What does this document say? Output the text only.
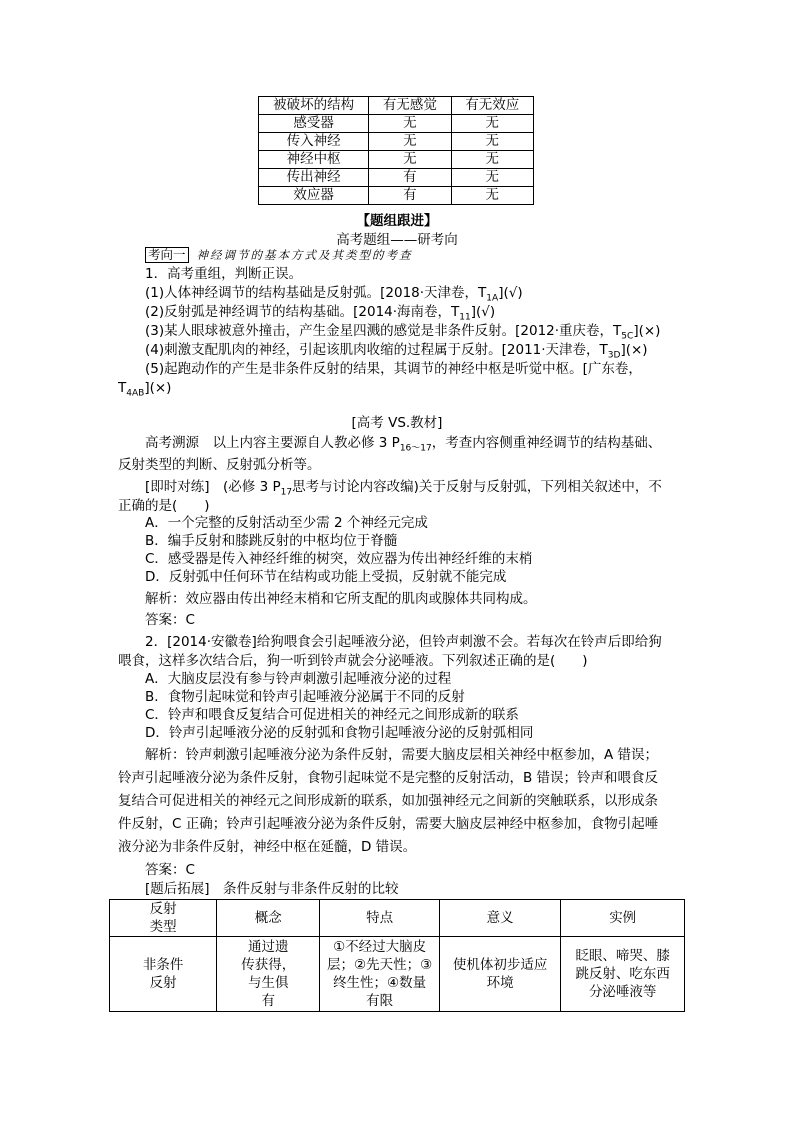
被破坏的结构	有无感觉	有无效应
感受器	无	无
传入神经	无	无
神经中枢	无	无
传出神经	有	无
效应器	有	无
【题组跟进】
高考题组——研考向
考向一 神经调节的基本方式及其类型的考查
1．高考重组，判断正误。
(1)人体神经调节的结构基础是反射弧。[2018·天津卷，$T_{1A}](√)$
(2)反射弧是神经调节的结构基础。[2014·海南卷，$T_{11}](√)$
(3)某人眼球被意外撞击，产生金星四溅的感觉是非条件反射。[2012·重庆卷，$T_{5C}](\times)$
(4)刺激支配肌肉的神经，引起该肌肉收缩的过程属于反射。[2011·天津卷，$T_{3D}](\times)$
(5)起跑动作的产生是非条件反射的结果，其调节的神经中枢是听觉中枢。[广东卷，
$T_{4AB}](\times)$
[高考 VS.教材]
高考溯源　以上内容主要源自人教必修 3 $P_{16\sim 17}$，考查内容侧重神经调节的结构基础、
反射类型的判断、反射弧分析等。
[即时对练]　(必修 3 $P_{17}$思考与讨论内容改编)关于反射与反射弧，下列相关叙述中，不
正确的是(　　)
A．一个完整的反射活动至少需 2 个神经元完成
B．编手反射和膝跳反射的中枢均位于脊髓
C．感受器是传入神经纤维的树突，效应器为传出神经纤维的末梢
D．反射弧中任何环节在结构或功能上受损，反射就不能完成
解析：效应器由传出神经末梢和它所支配的肌肉或腺体共同构成。
答案：C
2．[2014·安徽卷]给狗喂食会引起唾液分泌，但铃声刺激不会。若每次在铃声后即给狗
喂食，这样多次结合后，狗一听到铃声就会分泌唾液。下列叙述正确的是(　　)
A．大脑皮层没有参与铃声刺激引起唾液分泌的过程
B．食物引起味觉和铃声引起唾液分泌属于不同的反射
C．铃声和喂食反复结合可促进相关的神经元之间形成新的联系
D．铃声引起唾液分泌的反射弧和食物引起唾液分泌的反射弧相同
解析：铃声刺激引起唾液分泌为条件反射，需要大脑皮层相关神经中枢参加，A 错误；
铃声引起唾液分泌为条件反射，食物引起味觉不是完整的反射活动，B 错误；铃声和喂食反
复结合可促进相关的神经元之间形成新的联系，如加强神经元之间新的突触联系，以形成条
件反射，C 正确；铃声引起唾液分泌为条件反射，需要大脑皮层神经中枢参加，食物引起唾
液分泌为非条件反射，神经中枢在延髓，D 错误。
答案：C
[题后拓展]　条件反射与非条件反射的比较
反射
类型	概念	特点	意义	实例
非条件
反射	通过遗
传获得，
与生俱
有	①不经过大脑皮
层；②先天性；③
终生性；④数量
有限	使机体初步适应
环境	眨眼、啼哭、膝
跳反射、吃东西
分泌唾液等
